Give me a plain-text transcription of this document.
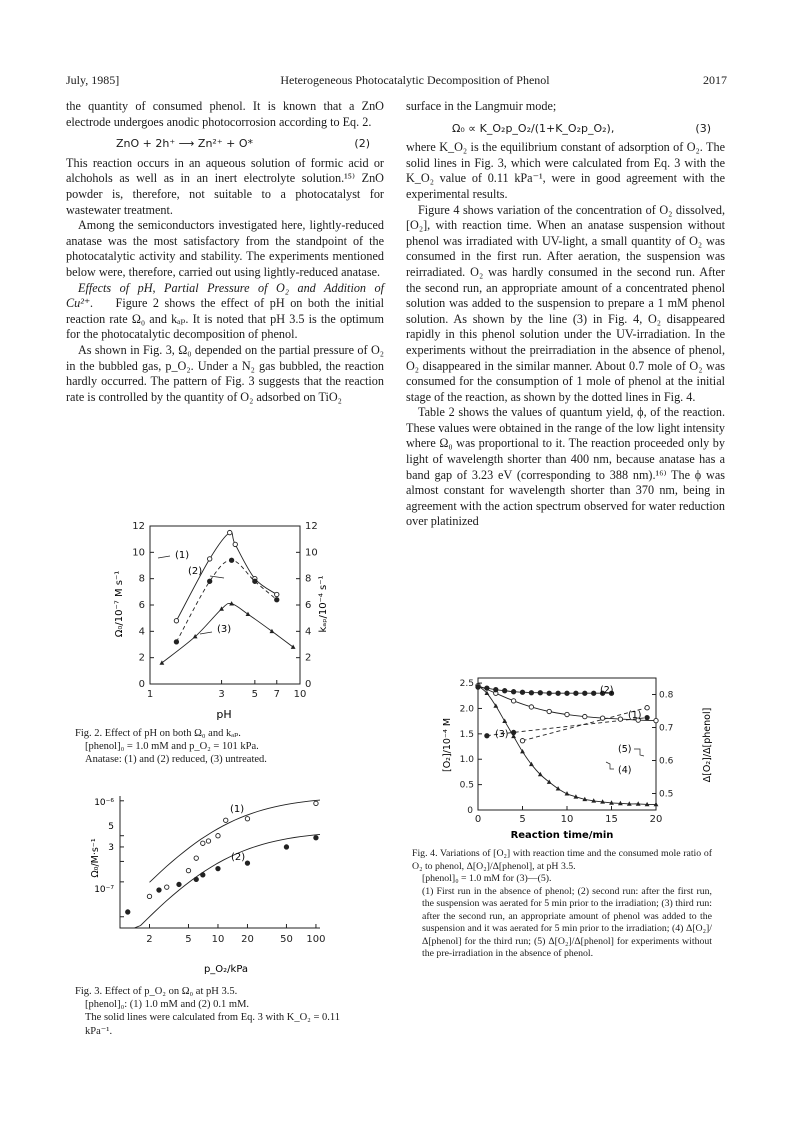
July, 1985]	Heterogeneous Photocatalytic Decomposition of Phenol	2017

the quantity of consumed phenol. It is known that a ZnO electrode undergoes anodic photocorrosion according to Eq. 2.

ZnO + 2h⁺ ⟶ Zn²⁺ + O*	(2)

This reaction occurs in an aqueous solution of formic acid or alchohols as well as in an inert electrolyte solution.¹⁵⁾ ZnO powder is, therefore, not suitable to a photocatalyst for wastewater treatment.

Among the semiconductors investigated here, lightly-reduced anatase was the most satisfactory from the standpoint of the photocatalytic activity and stability. The experiments mentioned below were, therefore, carried out using lightly-reduced anatase.

Effects of pH, Partial Pressure of O₂ and Addition of Cu²⁺. Figure 2 shows the effect of pH on both the initial reaction rate Ω₀ and kₐₚ. It is noted that pH 3.5 is the optimum for the photocatalytic decomposition of phenol.

As shown in Fig. 3, Ω₀ depended on the partial pressure of O₂ in the bubbled gas, p_O₂. Under a N₂ gas bubbled, the reaction hardly occurred. The pattern of Fig. 3 suggests that the reaction rate is controlled by the quantity of O₂ adsorbed on TiO₂

surface in the Langmuir mode;

Ω₀ ∝ K_O₂p_O₂/(1+K_O₂p_O₂),	(3)

where K_O₂ is the equilibrium constant of adsorption of O₂. The solid lines in Fig. 3, which were calculated from Eq. 3 with the K_O₂ value of 0.11 kPa⁻¹, were in good agreement with the experimental results.

Figure 4 shows variation of the concentration of O₂ dissolved, [O₂], with reaction time. When an anatase suspension without phenol was irradiated with UV-light, a small quantity of O₂ was consumed in the first run. After aeration, the suspension was reirradiated. O₂ was hardly consumed in the second run. After the second run, an appropriate amount of a concentrated phenol solution was added to the suspension to prepare a 1 mM phenol solution. As shown by the line (3) in Fig. 4, O₂ disappeared rapidly in this phenol solution under the UV-irradiation. In the experiments without the preirradiation in the absence of phenol, O₂ disappeared in the similar manner. About 0.7 mole of O₂ was consumed for the consumption of 1 mole of phenol at the initial stage of the reaction, as shown by the dotted lines in Fig. 4.

Table 2 shows the values of quantum yield, ϕ, of the reaction. These values were obtained in the range of the low light intensity where Ω₀ was proportional to it. The reaction proceeded only by light of wavelength shorter than 400 nm, because anatase has a band gap of 3.23 eV (corresponding to 388 nm).¹⁶⁾ The ϕ was almost constant for wavelength shorter than 370 nm, being in agreement with the action spectrum observed for water reduction over platinized

0	0
2	2
4	4
6	6
8	8
10	10
12	12
1	3	5 7 10
Ω₀/10⁻⁷ M s⁻¹	kₐₚ/10⁻⁴ s⁻¹
pH
(1)
(2)
(3)

Fig. 2. Effect of pH on both Ω₀ and kₐₚ.

[phenol]₀ = 1.0 mM and p_O₂ = 101 kPa.

Anatase: (1) and (2) reduced, (3) untreated.

2	5 10 20	50 100
10⁻⁶
5
3
10⁻⁷
Ω₀/M·s⁻¹
p_O₂/kPa
(1)
(2)

Fig. 3. Effect of p_O₂ on Ω₀ at pH 3.5.

[phenol]₀: (1) 1.0 mM and (2) 0.1 mM.

The solid lines were calculated from Eq. 3 with K_O₂ = 0.11 kPa⁻¹.

0	5	10	15	20
0
0.5
1.0
1.5
2.0
2.5
0.5
0.6
0.7
0.8
[O₂]/10⁻⁴ M	Δ[O₂]/Δ[phenol]
Reaction time/min
(1)
(2)
(3)
(4)
(5)

Fig. 4. Variations of [O₂] with reaction time and the consumed mole ratio of O₂ to phenol, Δ[O₂]/Δ[phenol], at pH 3.5.

[phenol]₀ = 1.0 mM for (3)—(5).

(1) First run in the absence of phenol; (2) second run: after the first run, the suspension was aerated for 5 min prior to the irradiation; (3) third run: after the second run, an appropriate amount of phenol was added to the suspension and it was aerated for 5 min prior to the irradiation; (4) Δ[O₂]/Δ[phenol] for the third run; (5) Δ[O₂]/Δ[phenol] for experiments without the pre-irradiation in the absence of phenol.
